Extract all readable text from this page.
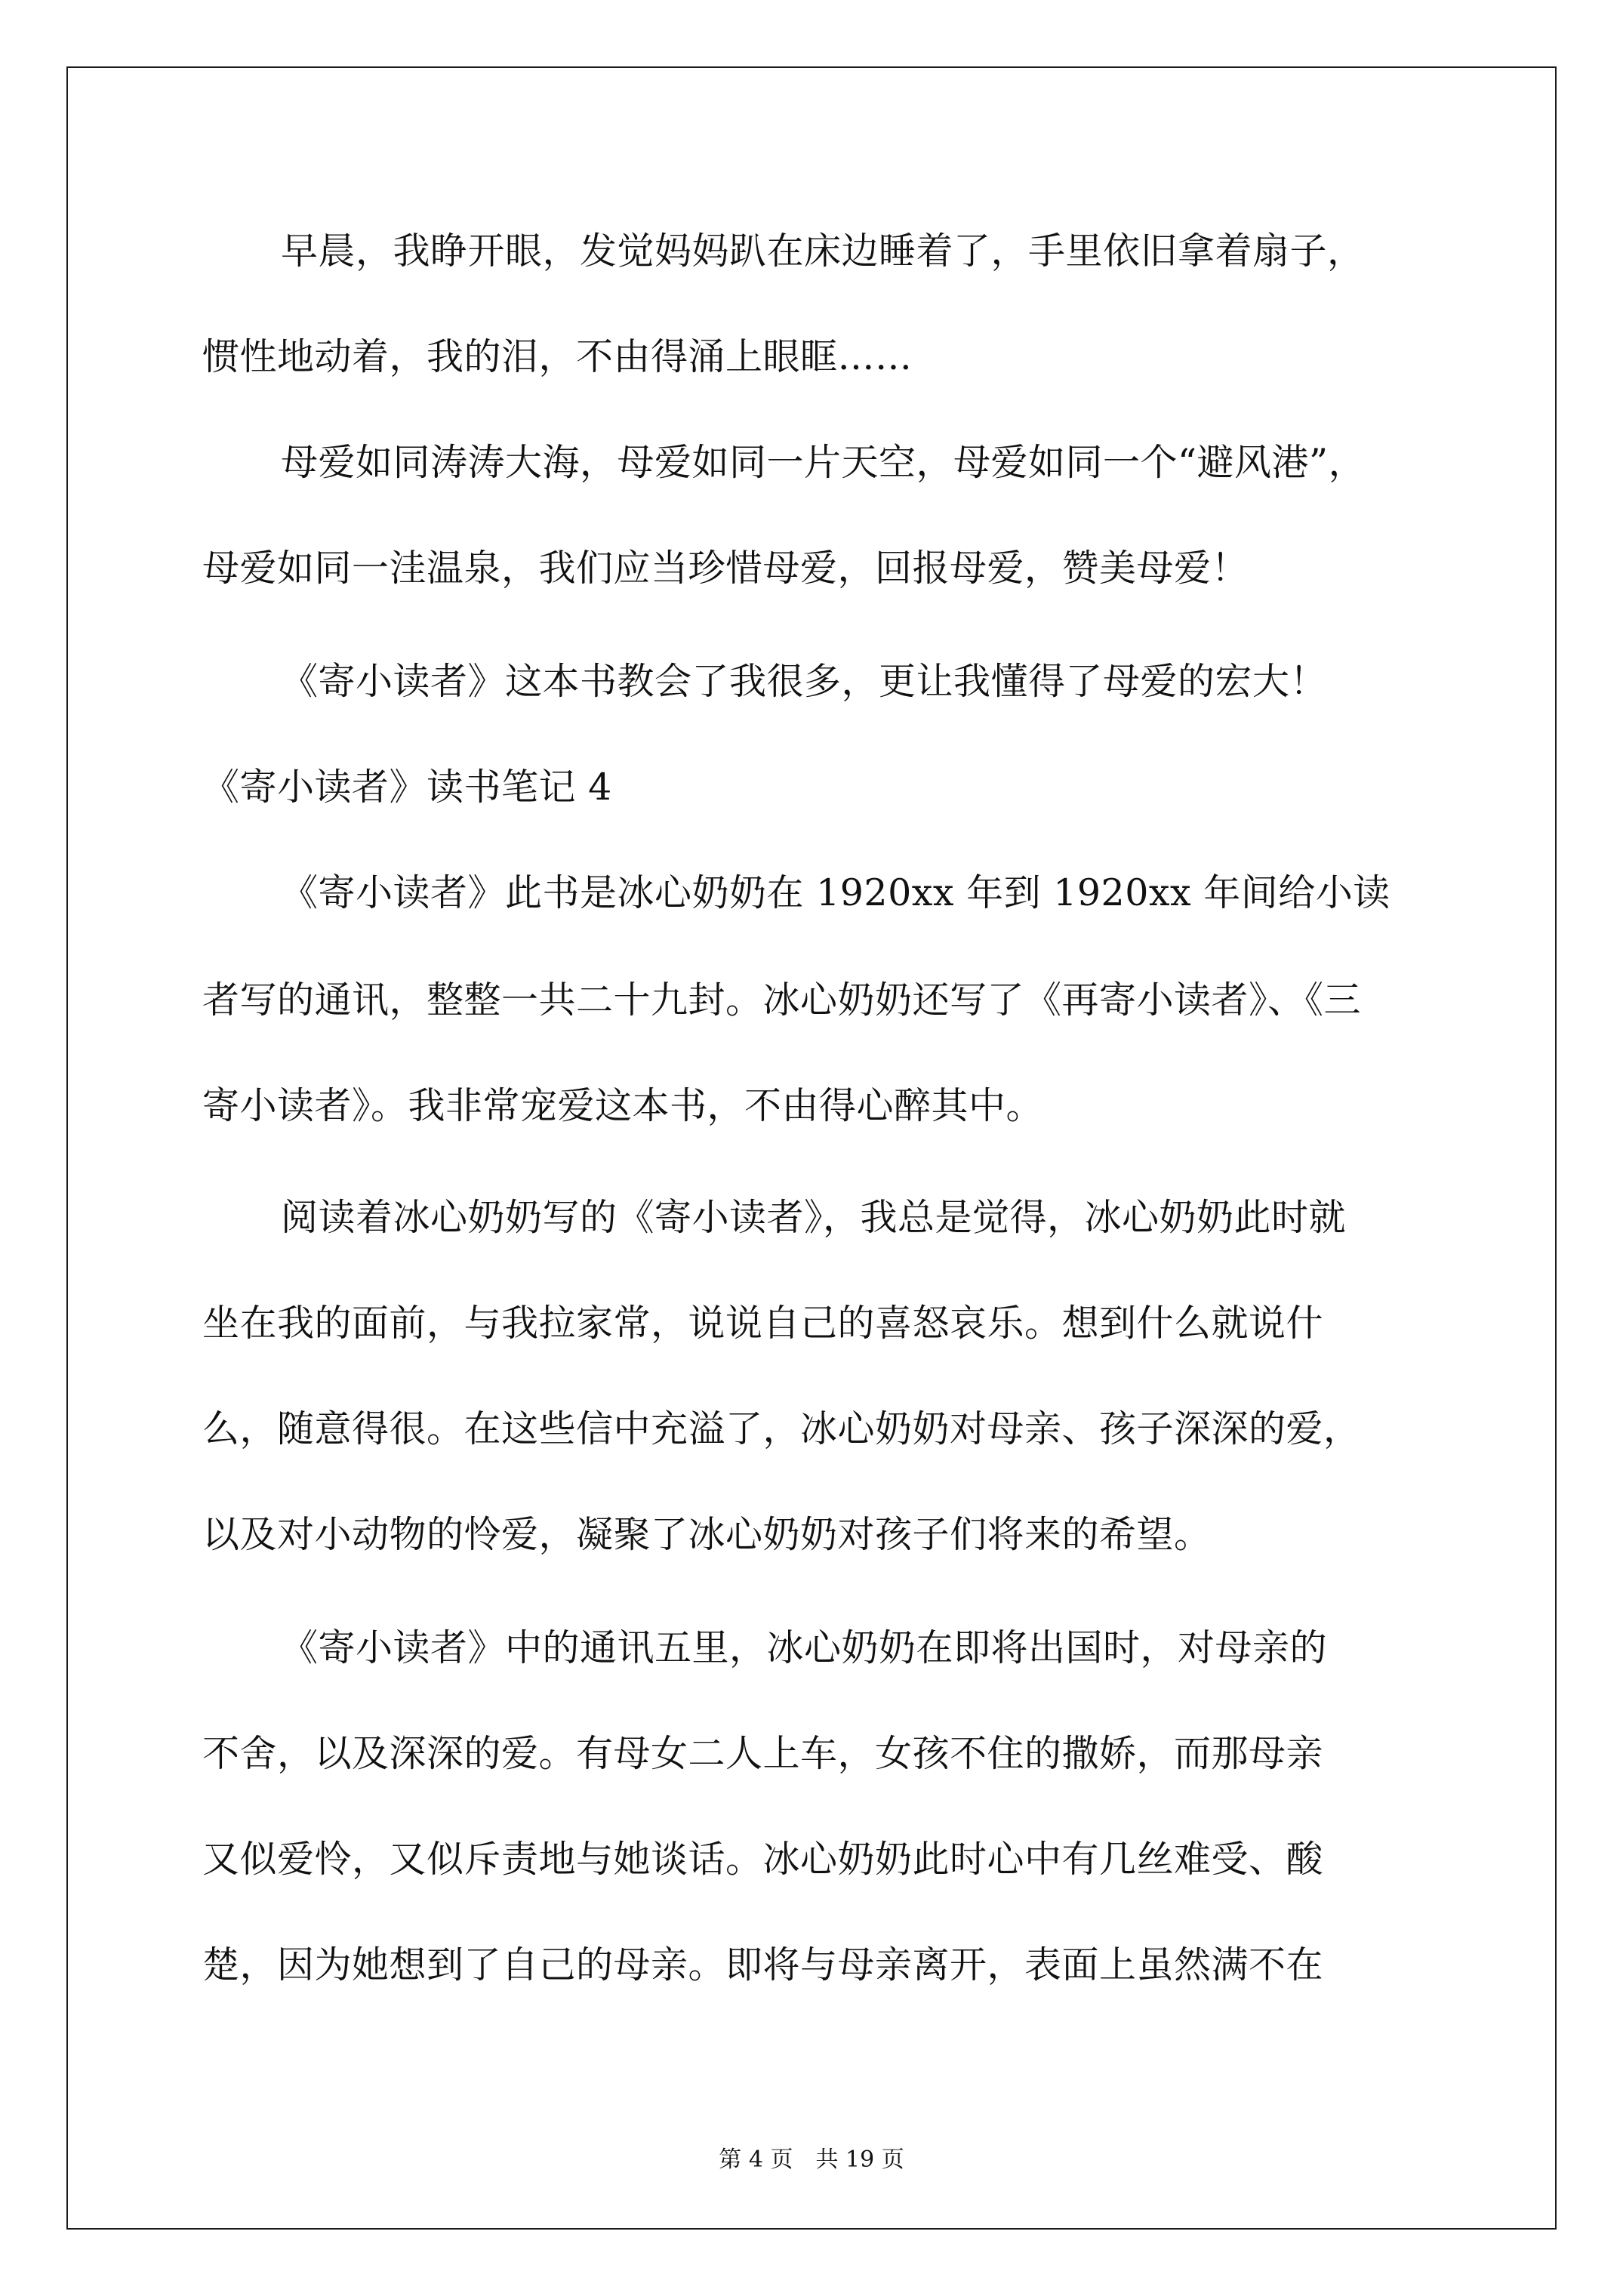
早晨，我睁开眼，发觉妈妈趴在床边睡着了，手里依旧拿着扇子，
惯性地动着，我的泪，不由得涌上眼眶……
母爱如同涛涛大海，母爱如同一片天空，母爱如同一个“避风港”，
母爱如同一洼温泉，我们应当珍惜母爱，回报母爱，赞美母爱！
《寄小读者》这本书教会了我很多，更让我懂得了母爱的宏大！
《寄小读者》读书笔记 4
《寄小读者》此书是冰心奶奶在 1920xx 年到 1920xx 年间给小读
者写的通讯，整整一共二十九封。冰心奶奶还写了《再寄小读者》、《三
寄小读者》。我非常宠爱这本书，不由得心醉其中。
阅读着冰心奶奶写的《寄小读者》，我总是觉得，冰心奶奶此时就
坐在我的面前，与我拉家常，说说自己的喜怒哀乐。想到什么就说什
么，随意得很。在这些信中充溢了，冰心奶奶对母亲、孩子深深的爱，
以及对小动物的怜爱，凝聚了冰心奶奶对孩子们将来的希望。
《寄小读者》中的通讯五里，冰心奶奶在即将出国时，对母亲的
不舍，以及深深的爱。有母女二人上车，女孩不住的撒娇，而那母亲
又似爱怜，又似斥责地与她谈话。冰心奶奶此时心中有几丝难受、酸
楚，因为她想到了自己的母亲。即将与母亲离开，表面上虽然满不在
第 4 页　共 19 页
